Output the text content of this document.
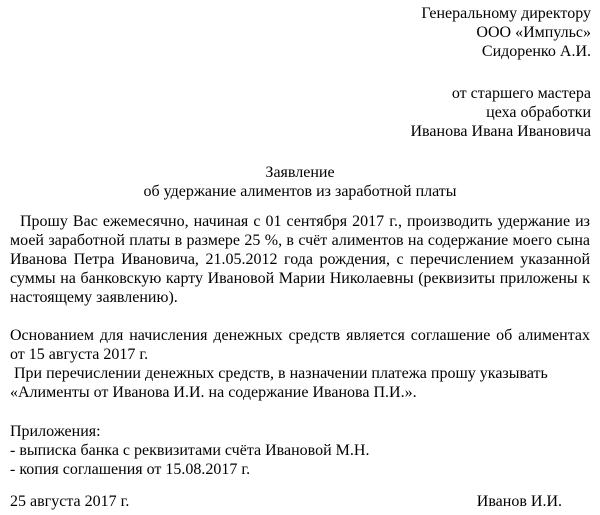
Генеральному директору
ООО «Импульс»
Сидоренко А.И.
от старшего мастера
цеха обработки
Иванова Ивана Ивановича
Заявление
об удержание алиментов из заработной платы

Прошу Вас ежемесячно, начиная с 01 сентября 2017 г., производить удержание из моей заработной платы в размере 25 %, в счёт алиментов на содержание моего сына Иванова Петра Ивановича, 21.05.2012 года рождения, с перечислением указанной суммы на банковскую карту Ивановой Марии Николаевны (реквизиты приложены к настоящему заявлению).

Основанием для начисления денежных средств является соглашение об алиментах от 15 августа 2017 г.

При перечислении денежных средств, в назначении платежа прошу указывать «Алименты от Иванова И.И. на содержание Иванова П.И.».

Приложения:
- выписка банка с реквизитами счёта Ивановой М.Н.
- копия соглашения от 15.08.2017 г.
25 августа 2017 г.	Иванов И.И.
